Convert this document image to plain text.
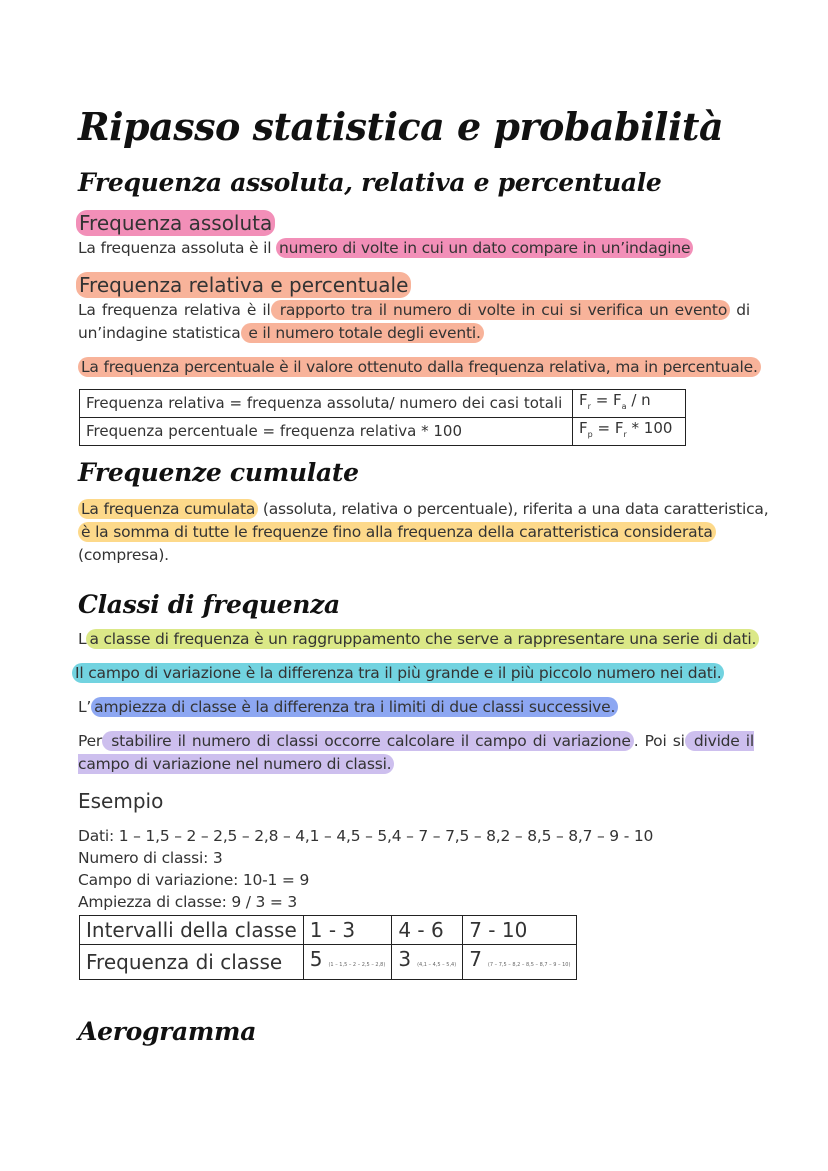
Ripasso statistica e probabilità
Frequenza assoluta, relativa e percentuale
Frequenza assoluta
La frequenza assoluta è il numero di volte in cui un dato compare in un’indagine
Frequenza relativa e percentuale
La frequenza relativa è il rapporto tra il numero di volte in cui si verifica un evento di un’indagine statistica e il numero totale degli eventi.
La frequenza percentuale è il valore ottenuto dalla frequenza relativa, ma in percentuale.
Frequenza relativa = frequenza assoluta/ numero dei casi totali	$F_r = F_a / n$
Frequenza percentuale = frequenza relativa * 100	$F_p = F_r * 100$
Frequenze cumulate
La frequenza cumulata (assoluta, relativa o percentuale), riferita a una data caratteristica,
è la somma di tutte le frequenze fino alla frequenza della caratteristica considerata
(compresa).
Classi di frequenza
L a classe di frequenza è un raggruppamento che serve a rappresentare una serie di dati.
Il campo di variazione è la differenza tra il più grande e il più piccolo numero nei dati.
L’ ampiezza di classe è la differenza tra i limiti di due classi successive.
Per stabilire il numero di classi occorre calcolare il campo di variazione . Poi si divide il campo di variazione nel numero di classi.
Esempio
Dati: 1 – 1,5 – 2 – 2,5 – 2,8 – 4,1 – 4,5 – 5,4 – 7 – 7,5 – 8,2 – 8,5 – 8,7 – 9 - 10
Numero di classi: 3
Campo di variazione: 10-1 = 9
Ampiezza di classe: 9 / 3 = 3
Intervalli della classe	1 - 3	4 - 6	7 - 10
Frequenza di classe	5 (1 – 1,5 – 2 – 2,5 – 2,8)	3 (4,1 – 4,5 – 5,4)	7 (7 – 7,5 – 8,2 – 8,5 – 8,7 – 9 – 10)
Aerogramma
